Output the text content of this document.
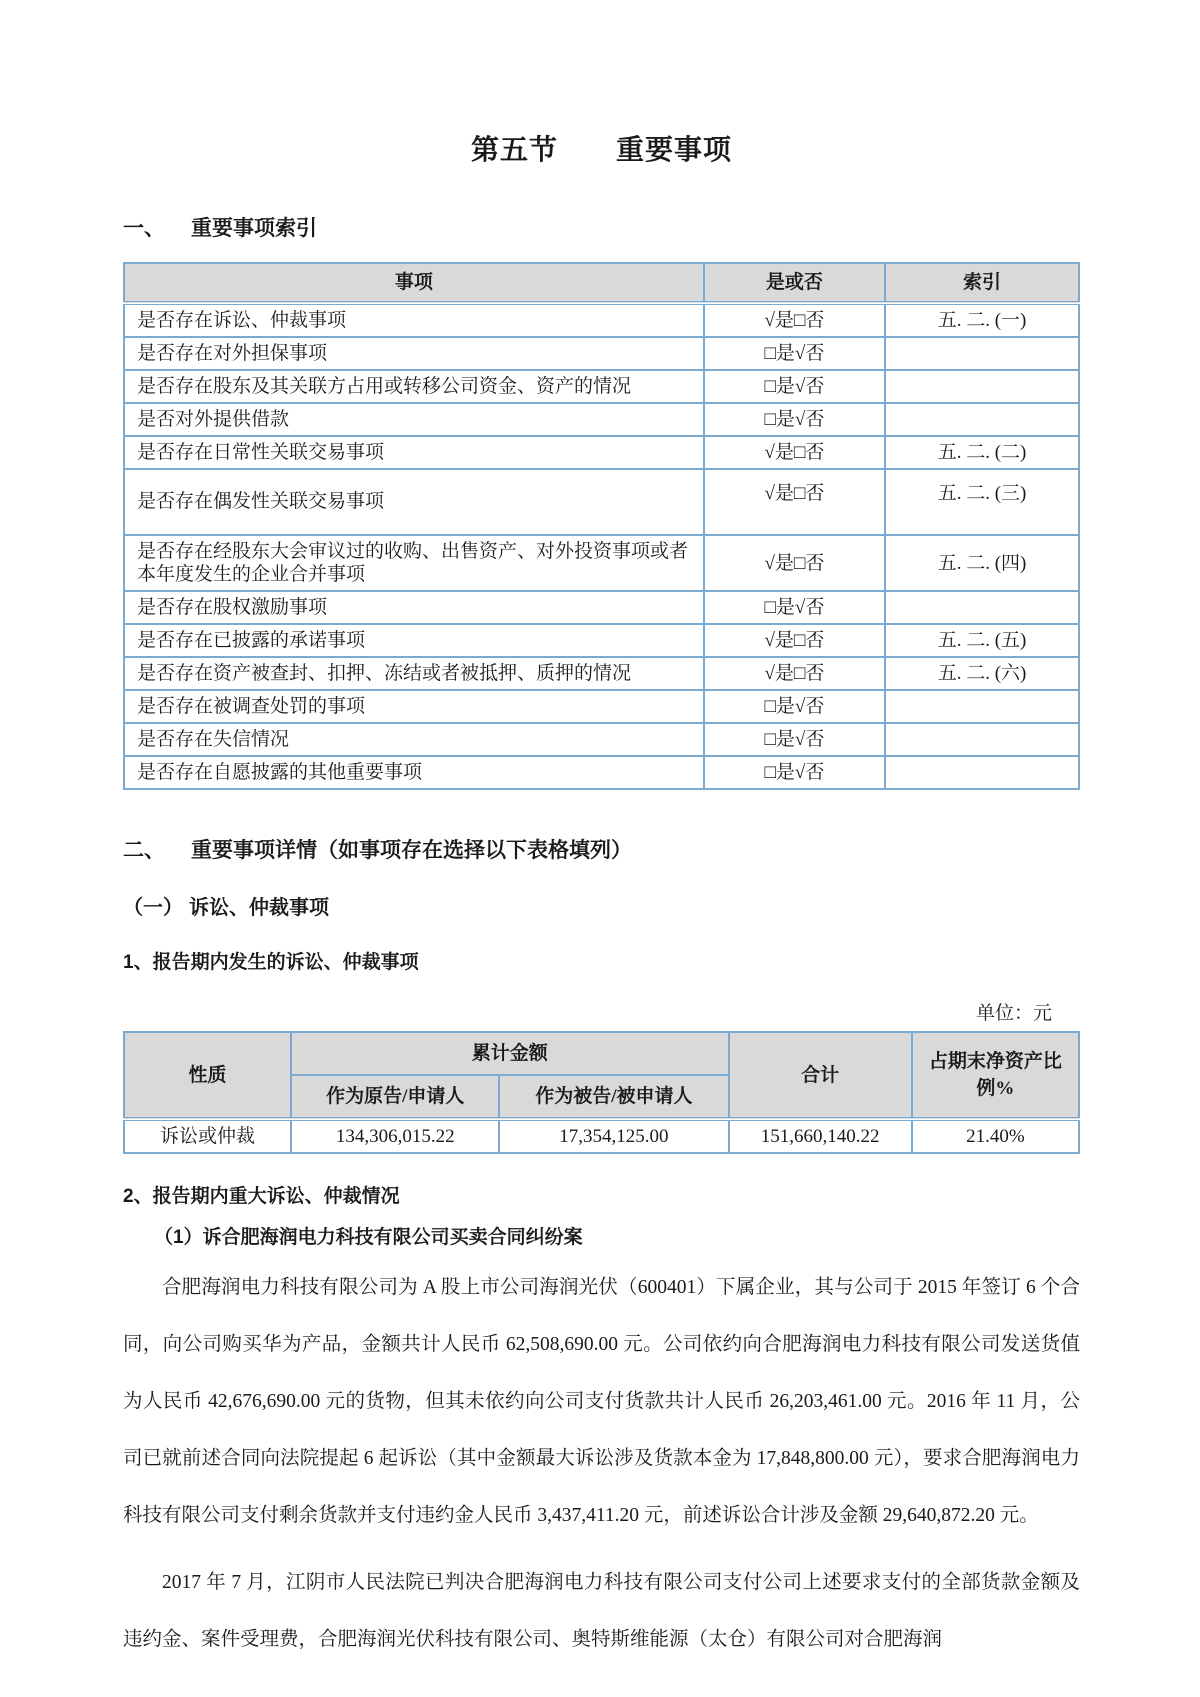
第五节　　重要事项
一、	重要事项索引
事项	是或否	索引
是否存在诉讼、仲裁事项	√是□否	五. 二. (一)
是否存在对外担保事项	□是√否	
是否存在股东及其关联方占用或转移公司资金、资产的情况	□是√否	
是否对外提供借款	□是√否	
是否存在日常性关联交易事项	√是□否	五. 二. (二)
是否存在偶发性关联交易事项	√是□否	五. 二. (三)
是否存在经股东大会审议过的收购、出售资产、对外投资事项或者本年度发生的企业合并事项	√是□否	五. 二. (四)
是否存在股权激励事项	□是√否	
是否存在已披露的承诺事项	√是□否	五. 二. (五)
是否存在资产被查封、扣押、冻结或者被抵押、质押的情况	√是□否	五. 二. (六)
是否存在被调查处罚的事项	□是√否	
是否存在失信情况	□是√否	
是否存在自愿披露的其他重要事项	□是√否	
二、	重要事项详情（如事项存在选择以下表格填列）
（一） 诉讼、仲裁事项
1、报告期内发生的诉讼、仲裁事项
单位：元
性质	累计金额		合计	占期末净资产比例%
	作为原告/申请人	作为被告/被申请人		
诉讼或仲裁	134,306,015.22	17,354,125.00	151,660,140.22	21.40%
2、报告期内重大诉讼、仲裁情况
（1）诉合肥海润电力科技有限公司买卖合同纠纷案

合肥海润电力科技有限公司为 A 股上市公司海润光伏（600401）下属企业，其与公司于 2015 年签订 6 个合同，向公司购买华为产品，金额共计人民币 62,508,690.00 元。公司依约向合肥海润电力科技有限公司发送货值为人民币 42,676,690.00 元的货物，但其未依约向公司支付货款共计人民币 26,203,461.00 元。2016 年 11 月，公司已就前述合同向法院提起 6 起诉讼（其中金额最大诉讼涉及货款本金为 17,848,800.00 元），要求合肥海润电力科技有限公司支付剩余货款并支付违约金人民币 3,437,411.20 元，前述诉讼合计涉及金额 29,640,872.20 元。

2017 年 7 月，江阴市人民法院已判决合肥海润电力科技有限公司支付公司上述要求支付的全部货款金额及违约金、案件受理费，合肥海润光伏科技有限公司、奥特斯维能源（太仓）有限公司对合肥海润
